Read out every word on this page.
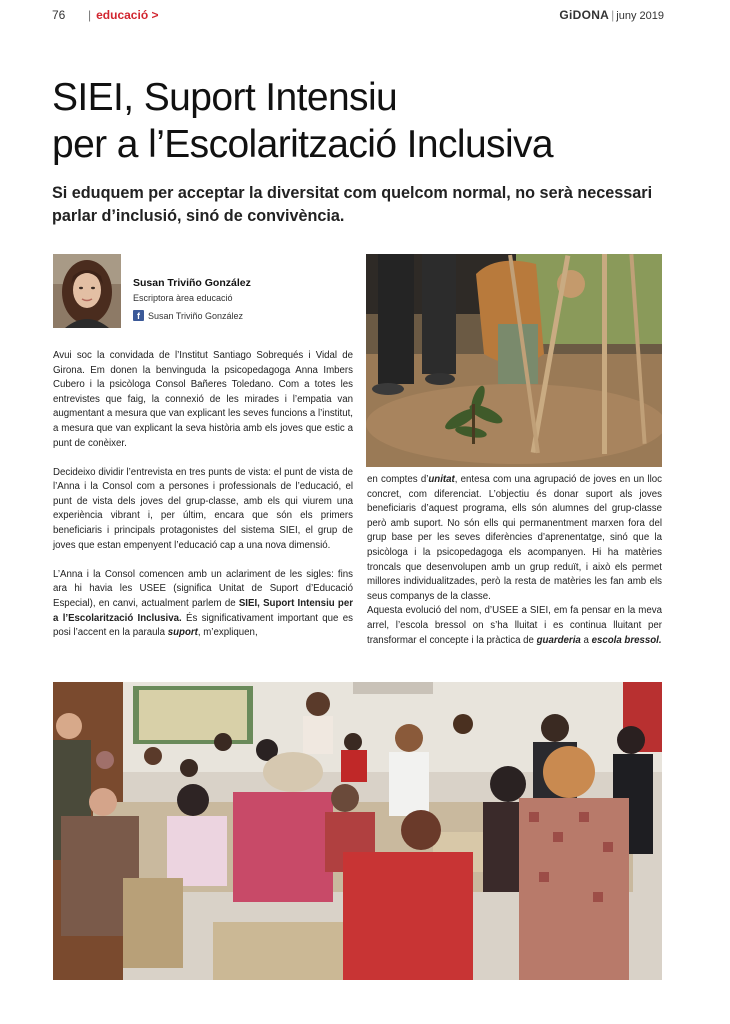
76 | educació >	GiDONA | juny 2019
SIEI, Suport Intensiu
per a l’Escolarització Inclusiva
Si eduquem per acceptar la diversitat com quelcom normal, no serà necessari parlar d’inclusió, sinó de convivència.
Susan Triviño González
Escriptora àrea educació
f Susan Triviño González

Avui soc la convidada de l’Institut Santiago Sobrequés i Vidal de Girona. Em donen la benvinguda la psicopedagoga Anna Imbers Cubero i la psicòloga Consol Bañeres Toledano. Com a totes les entrevistes que faig, la connexió de les mirades i l’empatia van augmentant a mesura que van explicant les seves funcions a l’institut, a mesura que van explicant la seva història amb els joves que estic a punt de conèixer.

Decideixo dividir l’entrevista en tres punts de vista: el punt de vista de l’Anna i la Consol com a persones i professionals de l’educació, el punt de vista dels joves del grup-classe, amb els qui viurem una experiència vibrant i, per últim, encara que són els primers beneficiaris i principals protagonistes del sistema SIEI, el grup de joves que estan empenyent l’educació cap a una nova dimensió.

L’Anna i la Consol comencen amb un aclariment de les sigles: fins ara hi havia les USEE (significa Unitat de Suport d’Educació Especial), en canvi, actualment parlem de SIEI, Suport Intensiu per a l’Escolarització Inclusiva. És significativament important que es posi l’accent en la paraula suport, m’expliquen,

en comptes d’unitat, entesa com una agrupació de joves en un lloc concret, com diferenciat. L’objectiu és donar suport als joves beneficiaris d’aquest programa, ells són alumnes del grup-classe però amb suport. No són ells qui permanentment marxen fora del grup base per les seves diferències d’aprenentatge, sinó que la psicòloga i la psicopedagoga els acompanyen. Hi ha matèries troncals que desenvolupen amb un grup reduït, i això els permet millores individualitzades, però la resta de matèries les fan amb els seus companys de la classe.

Aquesta evolució del nom, d’USEE a SIEI, em fa pensar en la meva arrel, l’escola bressol on s’ha lluitat i es continua lluitant per transformar el concepte i la pràctica de guarderia a escola bressol.
